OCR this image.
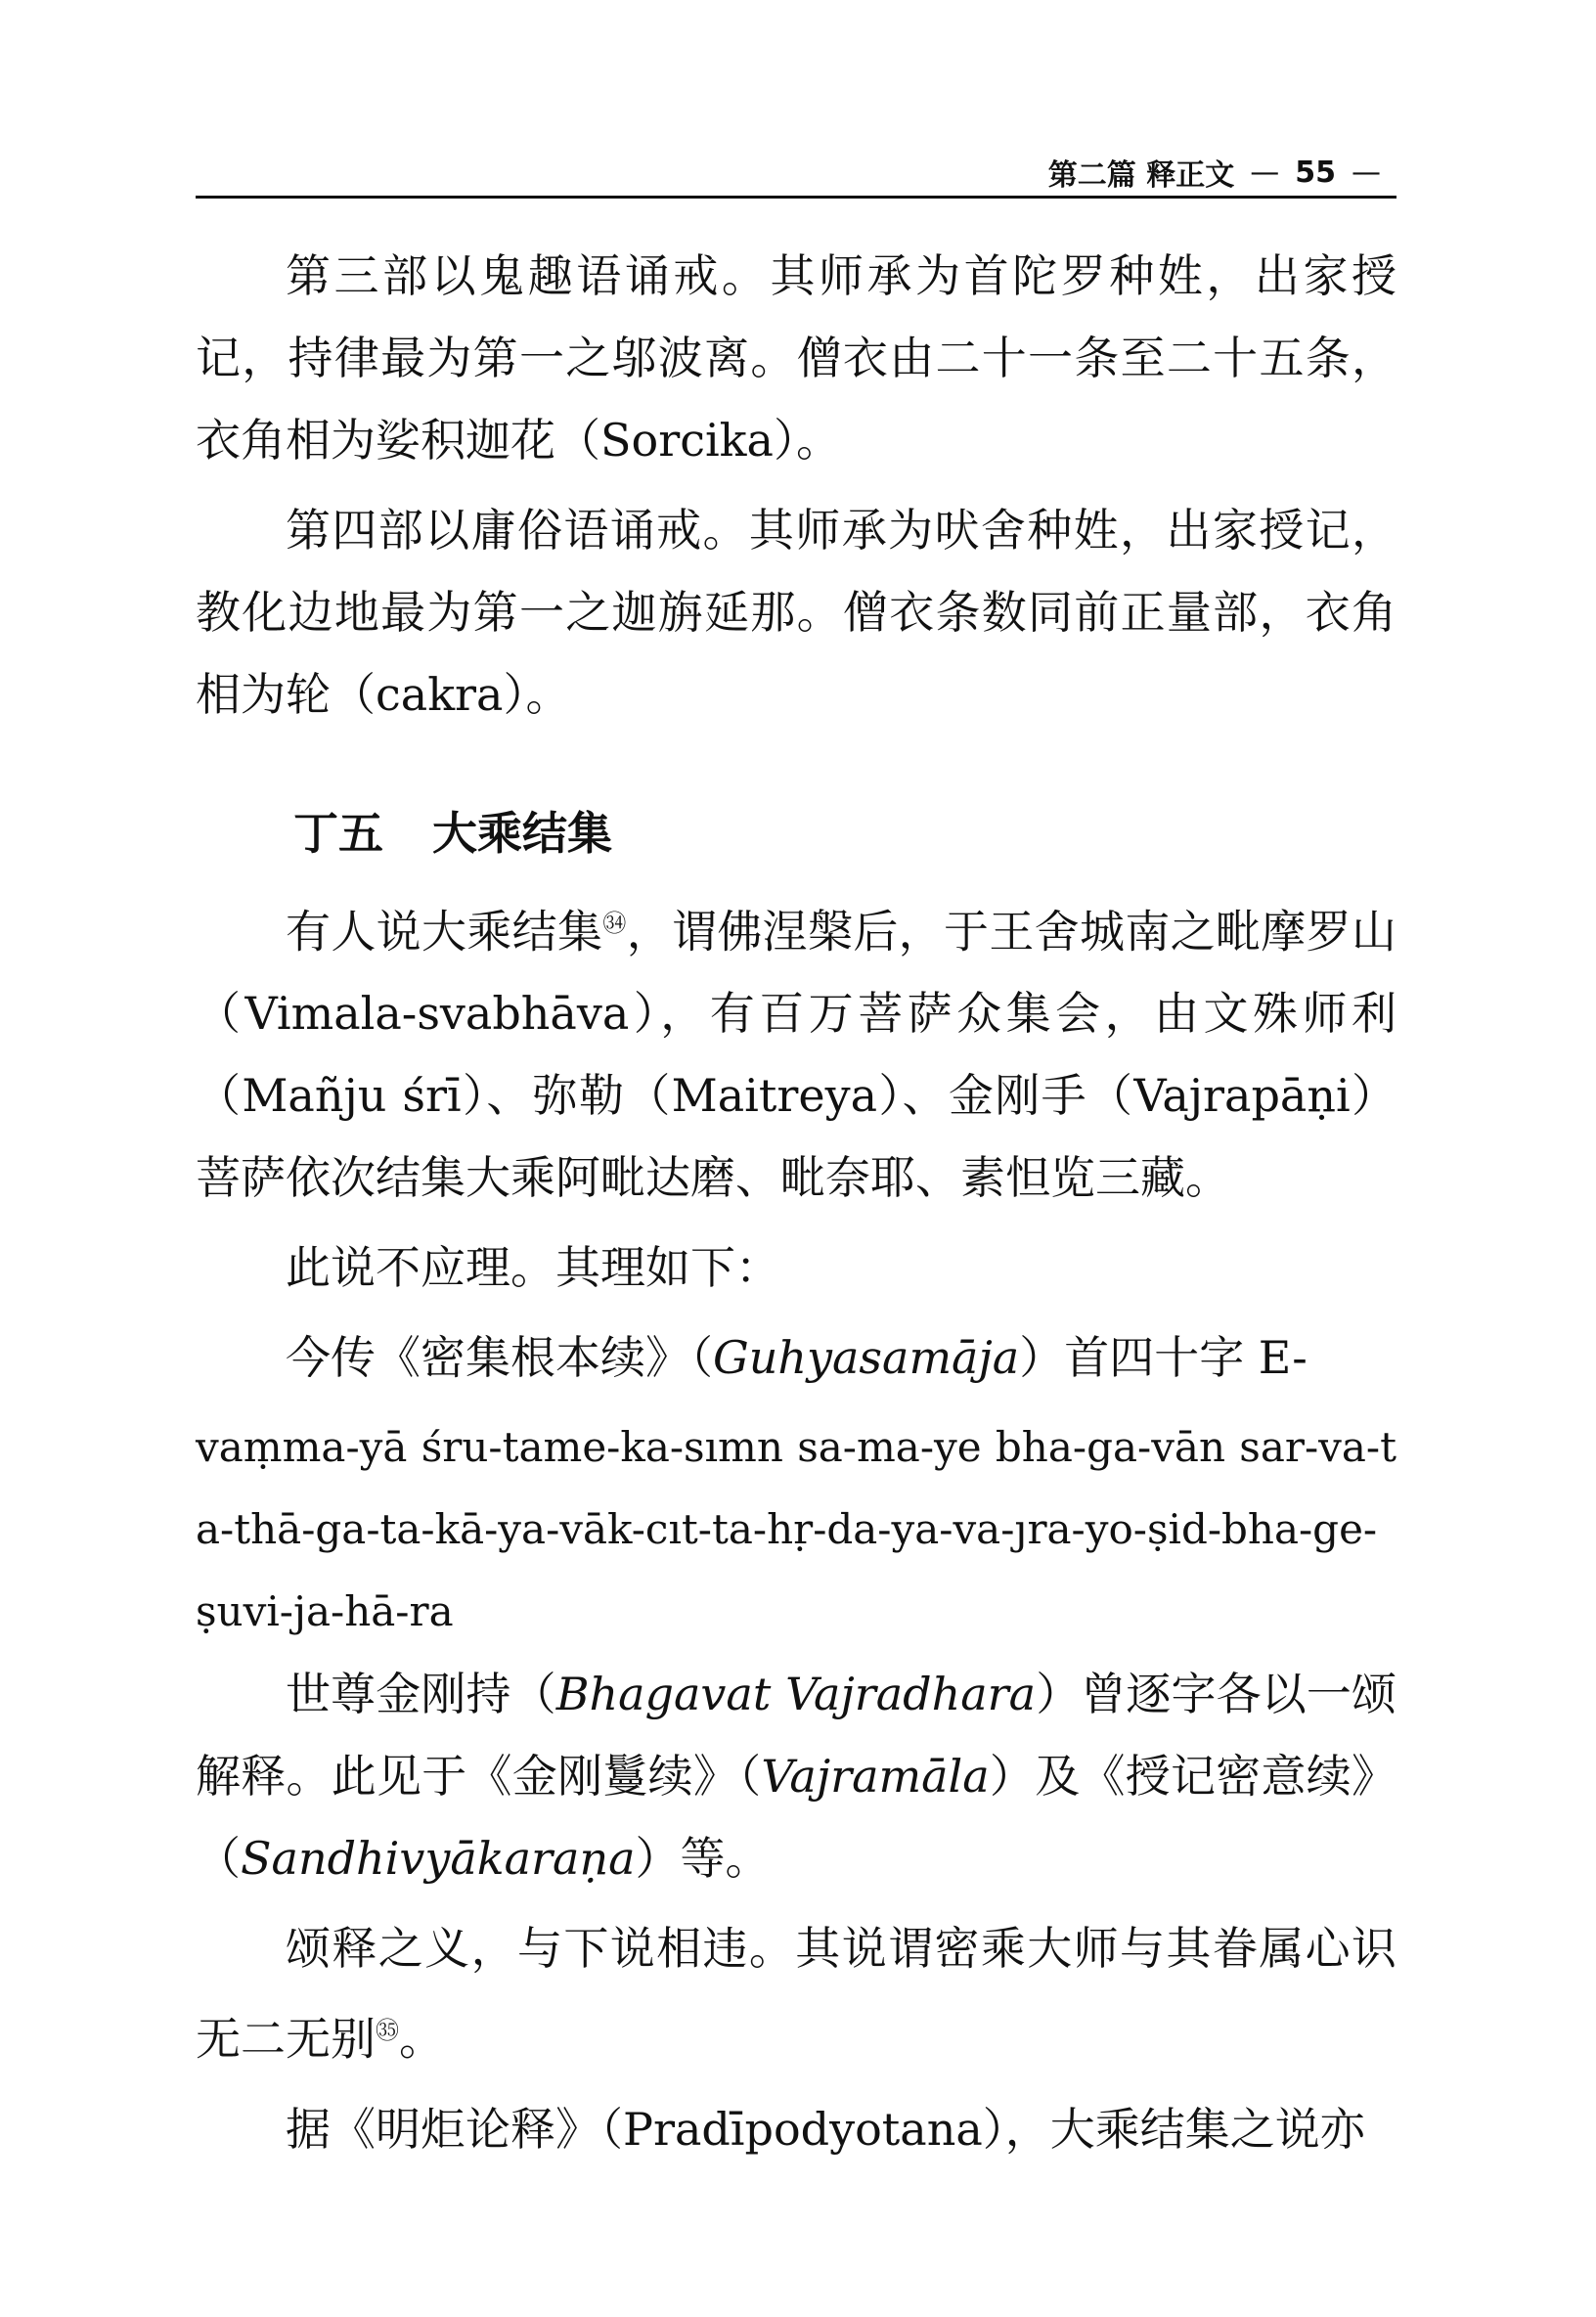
第二篇 释正文 — 55 —

第三部以鬼趣语诵戒。其师承为首陀罗种姓，出家授记，持律最为第一之邬波离。僧衣由二十一条至二十五条，衣角相为娑积迦花（Sorcika）。

第四部以庸俗语诵戒。其师承为吠舍种姓，出家授记，教化边地最为第一之迦旃延那。僧衣条数同前正量部，衣角相为轮（cakra）。

丁五 大乘结集

有人说大乘结集$^㉞$，谓佛涅槃后，于王舍城南之毗摩罗山（Vimala-svabhāva），有百万菩萨众集会，由文殊师利（Mañju śrī）、弥勒（Maitreya）、金刚手（Vajrapāṇi）菩萨依次结集大乘阿毗达磨、毗奈耶、素怛览三藏。

此说不应理。其理如下：

今传《密集根本续》（Guhyasamāja）首四十字 E-

vaṃma-yā śru-tame-ka-sımn sa-ma-ye bha-ga-vān sar-va-ta-thā-ga-ta-kā-ya-vāk-cıt-ta-hṛ-da-ya-va-ȷra-yo-ṣid-bha-ge-ṣuvi-ja-hā-ra

世尊金刚持（Bhagavat Vajradhara）曾逐字各以一颂解释。此见于《金刚鬘续》（Vajramāla）及《授记密意续》（Sandhivyākaraṇa）等。

颂释之义，与下说相违。其说谓密乘大师与其眷属心识无二无别$^㉟$。

据《明炬论释》（Pradīpodyotana），大乘结集之说亦
